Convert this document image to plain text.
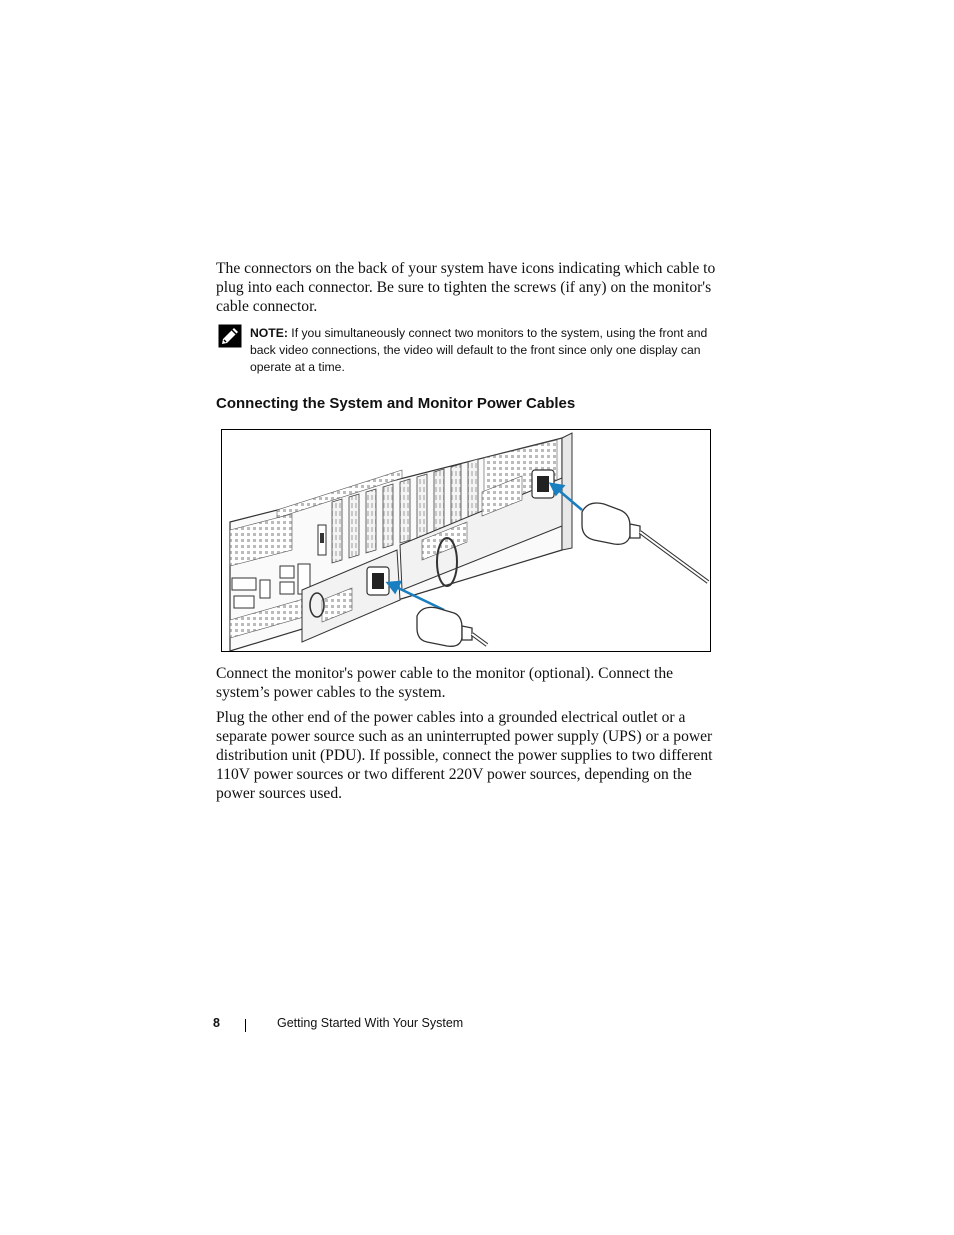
The connectors on the back of your system have icons indicating which cable to plug into each connector. Be sure to tighten the screws (if any) on the monitor's cable connector.

NOTE: If you simultaneously connect two monitors to the system, using the front and back video connections, the video will default to the front since only one display can operate at a time.

Connecting the System and Monitor Power Cables

Connect the monitor's power cable to the monitor (optional). Connect the system’s power cables to the system.

Plug the other end of the power cables into a grounded electrical outlet or a separate power source such as an uninterrupted power supply (UPS) or a power distribution unit (PDU). If possible, connect the power supplies to two different 110V power sources or two different 220V power sources, depending on the power sources used.

8	Getting Started With Your System
